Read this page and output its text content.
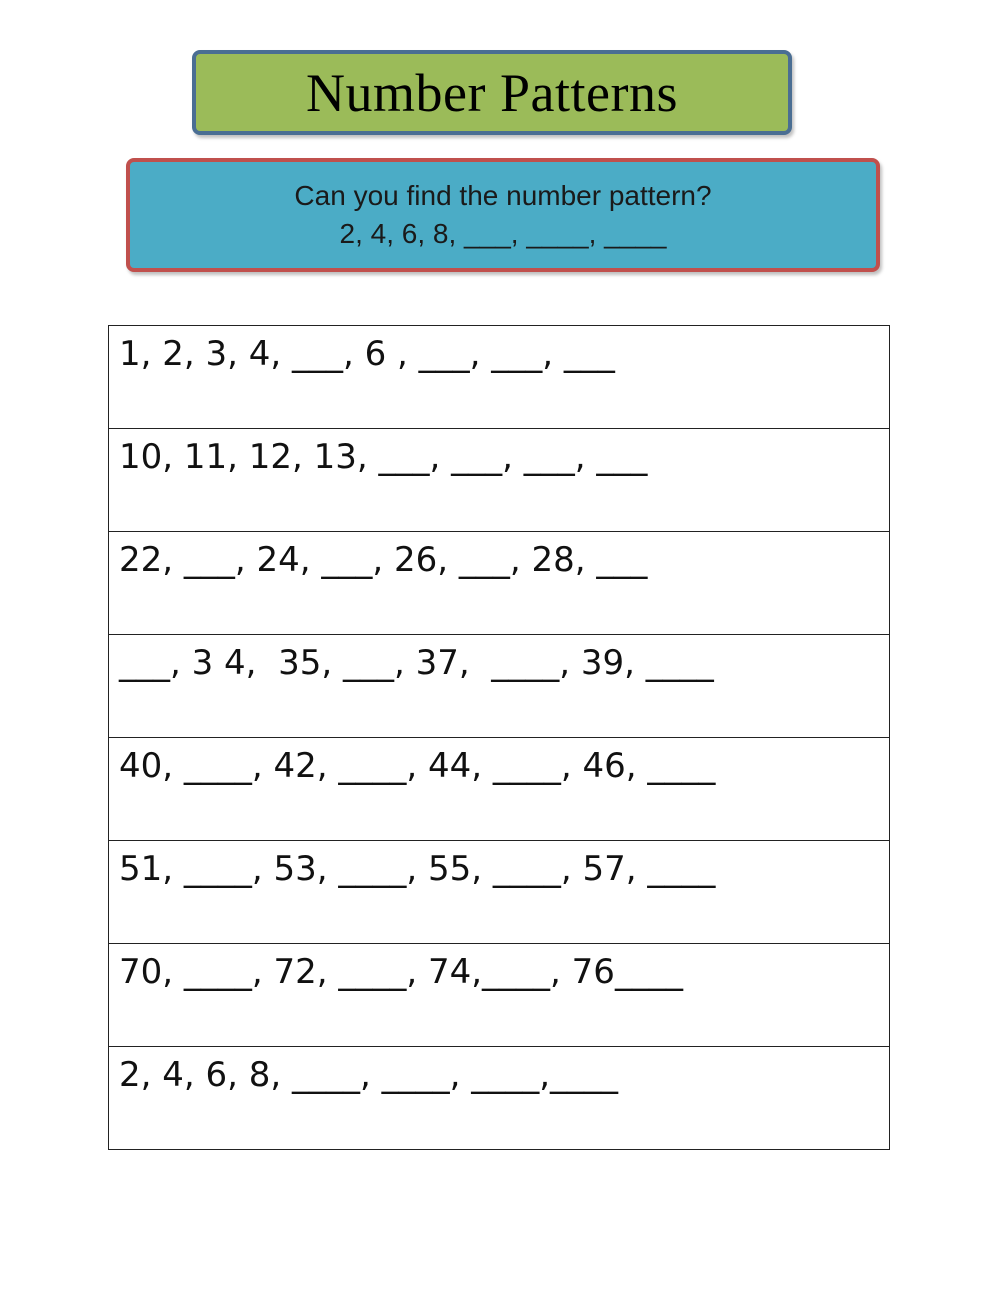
Number Patterns
Can you find the number pattern?
2, 4, 6, 8, ___, ____, ____
1, 2, 3, 4, ___, 6 , ___, ___, ___
10, 11, 12, 13, ___, ___, ___, ___
22, ___, 24, ___, 26, ___, 28, ___
___, 3 4,  35, ___, 37,  ____, 39, ____
40, ____, 42, ____, 44, ____, 46, ____
51, ____, 53, ____, 55, ____, 57, ____
70, ____, 72, ____, 74,____, 76____
2, 4, 6, 8, ____, ____, ____,____
